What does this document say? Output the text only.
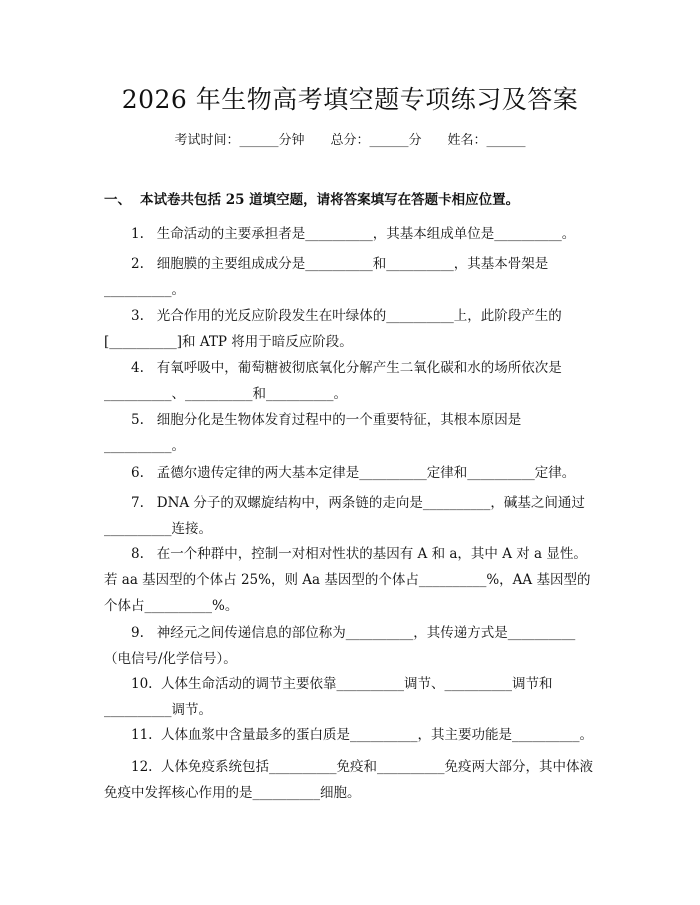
2026 年生物高考填空题专项练习及答案
考试时间：______分钟 总分：______分 姓名：______
一、 本试卷共包括 25 道填空题，请将答案填写在答题卡相应位置。
1.   生命活动的主要承担者是__________，其基本组成单位是__________。
2.   细胞膜的主要组成成分是__________和__________，其基本骨架是__________。
3.   光合作用的光反应阶段发生在叶绿体的__________上，此阶段产生的[__________]和 ATP 将用于暗反应阶段。
4.   有氧呼吸中，葡萄糖被彻底氧化分解产生二氧化碳和水的场所依次是__________、__________和__________。
5.   细胞分化是生物体发育过程中的一个重要特征，其根本原因是__________。
6.   孟德尔遗传定律的两大基本定律是__________定律和__________定律。
7.   DNA 分子的双螺旋结构中，两条链的走向是__________，碱基之间通过__________连接。
8.   在一个种群中，控制一对相对性状的基因有 A 和 a，其中 A 对 a 显性。若 aa 基因型的个体占 25%，则 Aa 基因型的个体占__________%，AA 基因型的个体占__________%。
9.   神经元之间传递信息的部位称为__________，其传递方式是__________（电信号/化学信号）。
10.  人体生命活动的调节主要依靠__________调节、__________调节和__________调节。
11.  人体血浆中含量最多的蛋白质是__________，其主要功能是__________。
12.  人体免疫系统包括__________免疫和__________免疫两大部分，其中体液免疫中发挥核心作用的是__________细胞。
